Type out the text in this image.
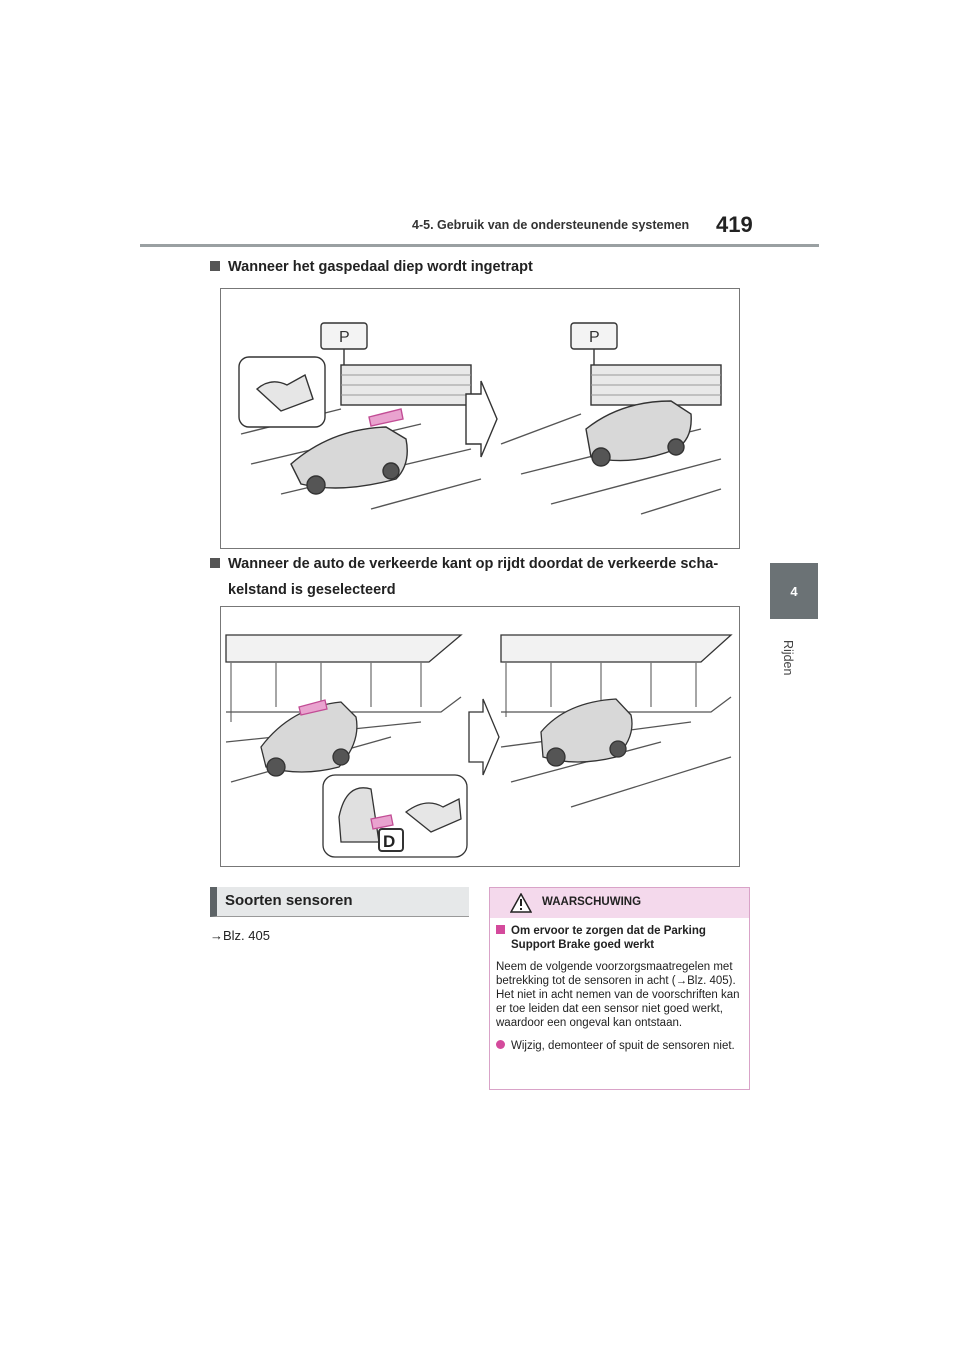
4-5. Gebruik van de ondersteunende systemen 419
4
Rijden
Wanneer het gaspedaal diep wordt ingetrapt
P	P
Wanneer de auto de verkeerde kant op rijdt doordat de verkeerde scha-
kelstand is geselecteerd
D
Soorten sensoren
→Blz. 405
WAARSCHUWING
Om ervoor te zorgen dat de Parking Support Brake goed werkt
Neem de volgende voorzorgsmaatregelen met betrekking tot de sensoren in acht (→Blz. 405). Het niet in acht nemen van de voorschriften kan er toe leiden dat een sensor niet goed werkt, waardoor een ongeval kan ontstaan.
Wijzig, demonteer of spuit de sensoren niet.
